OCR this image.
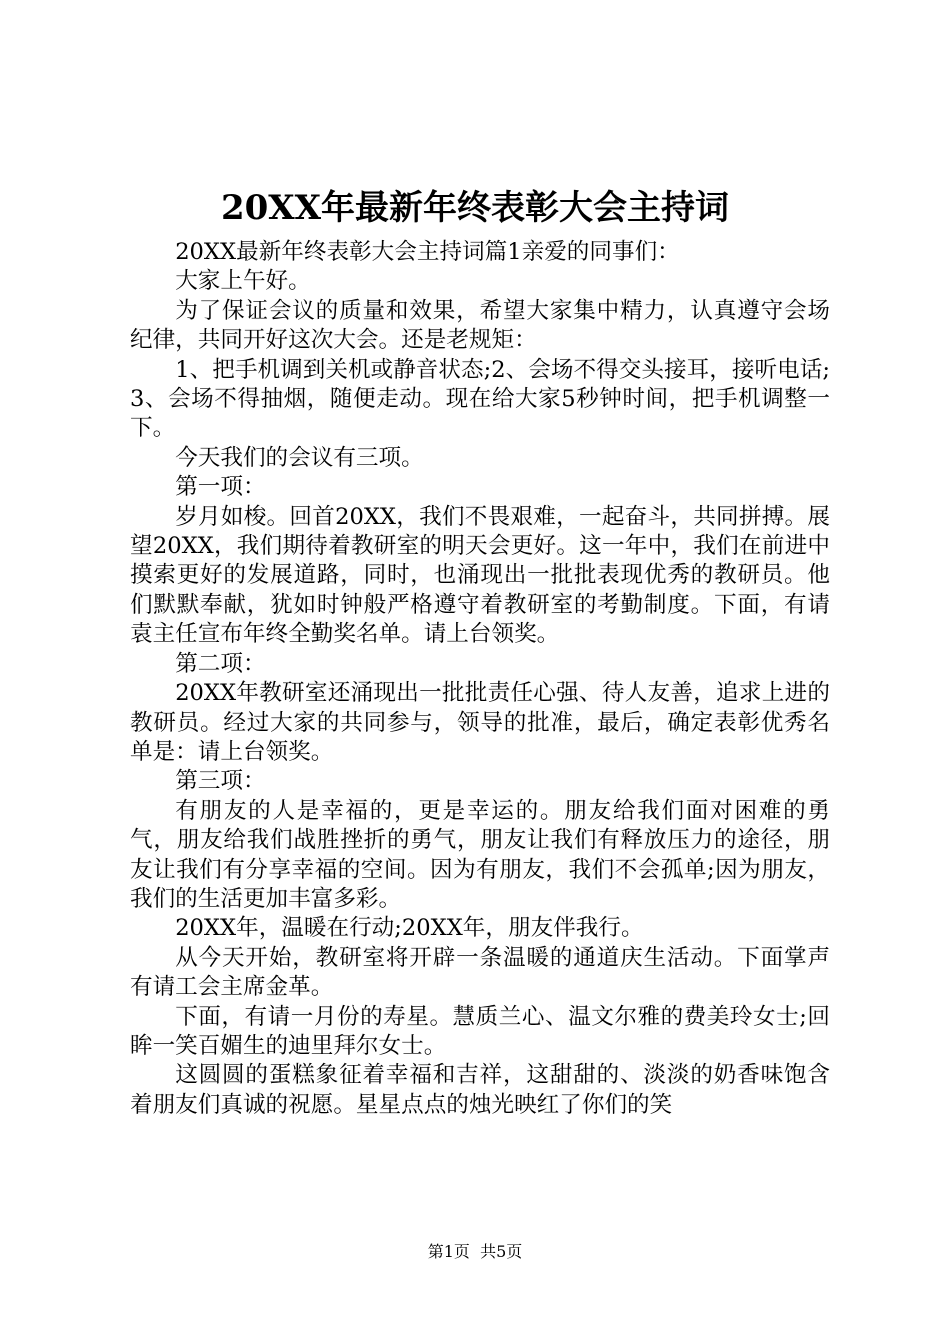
20XX年最新年终表彰大会主持词

20XX最新年终表彰大会主持词篇1亲爱的同事们：

大家上午好。

为了保证会议的质量和效果，希望大家集中精力，认真遵守会场纪律，共同开好这次大会。还是老规矩：

1、把手机调到关机或静音状态;2、会场不得交头接耳，接听电话;3、会场不得抽烟，随便走动。现在给大家5秒钟时间，把手机调整一下。

今天我们的会议有三项。

第一项：

岁月如梭。回首20XX，我们不畏艰难，一起奋斗，共同拼搏。展望20XX，我们期待着教研室的明天会更好。这一年中，我们在前进中摸索更好的发展道路，同时，也涌现出一批批表现优秀的教研员。他们默默奉献，犹如时钟般严格遵守着教研室的考勤制度。下面，有请袁主任宣布年终全勤奖名单。请上台领奖。

第二项：

20XX年教研室还涌现出一批批责任心强、待人友善，追求上进的教研员。经过大家的共同参与，领导的批准，最后，确定表彰优秀名单是：请上台领奖。

第三项：

有朋友的人是幸福的，更是幸运的。朋友给我们面对困难的勇气，朋友给我们战胜挫折的勇气，朋友让我们有释放压力的途径，朋友让我们有分享幸福的空间。因为有朋友，我们不会孤单;因为朋友，我们的生活更加丰富多彩。

20XX年，温暖在行动;20XX年，朋友伴我行。

从今天开始，教研室将开辟一条温暖的通道庆生活动。下面掌声有请工会主席金革。

下面，有请一月份的寿星。慧质兰心、温文尔雅的费美玲女士;回眸一笑百媚生的迪里拜尔女士。

这圆圆的蛋糕象征着幸福和吉祥，这甜甜的、淡淡的奶香味饱含着朋友们真诚的祝愿。星星点点的烛光映红了你们的笑

第1页 共5页
